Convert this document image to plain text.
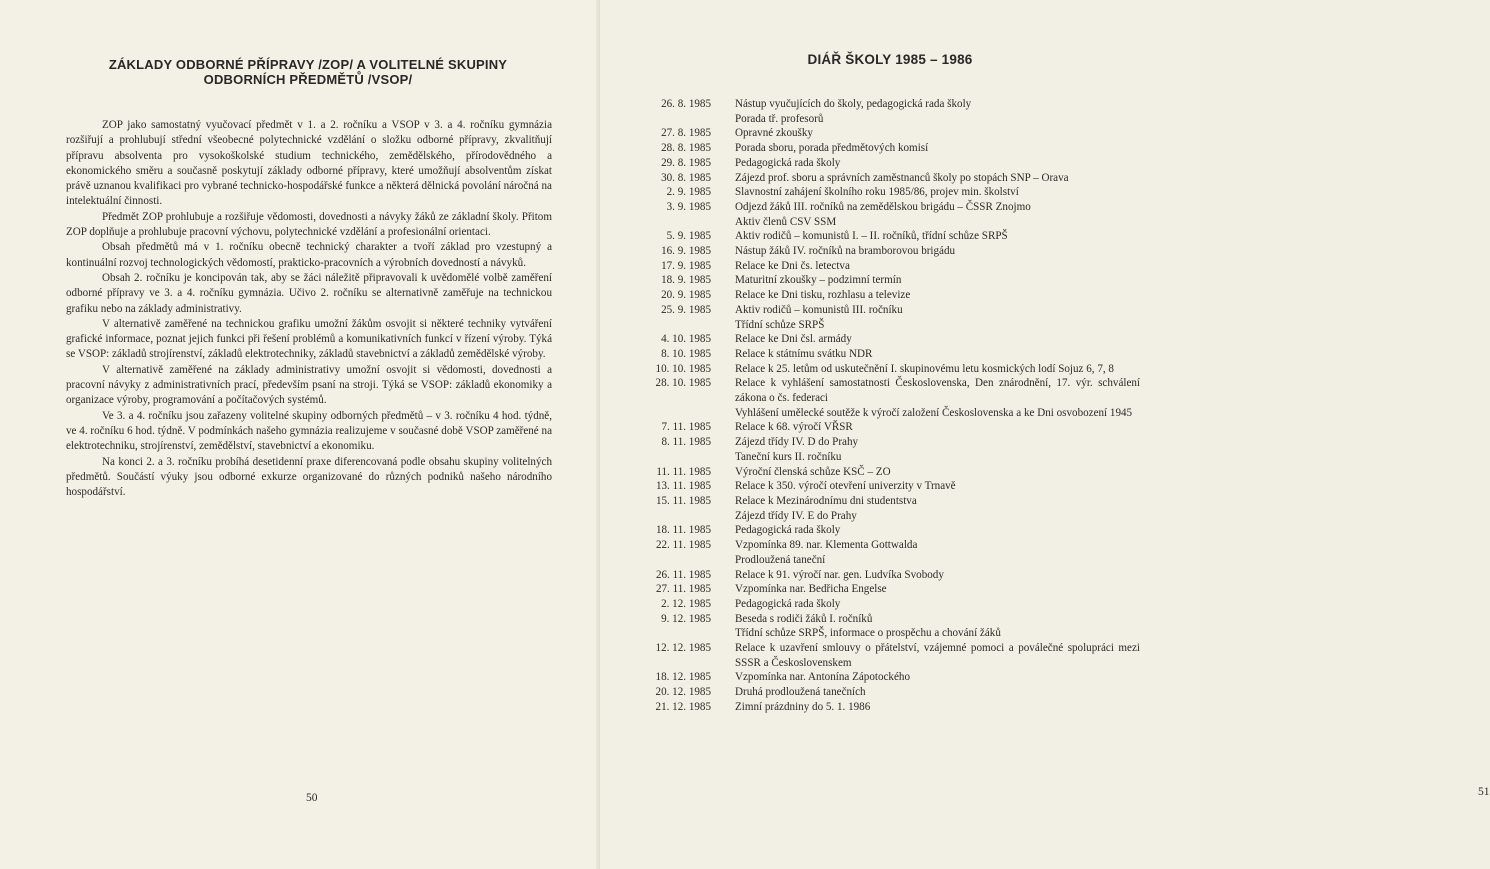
ZÁKLADY ODBORNÉ PŘÍPRAVY /ZOP/ A VOLITELNÉ SKUPINY
ODBORNÍCH PŘEDMĚTŮ /VSOP/

ZOP jako samostatný vyučovací předmět v 1. a 2. ročníku a VSOP v 3. a 4. ročníku gymnázia rozšiřují a prohlubují střední všeobecné polytechnické vzdělání o složku odborné přípravy, zkvalitňují přípravu absolventa pro vysokoškolské studium technického, zemědělského, přírodovědného a ekonomického směru a současně poskytují základy odborné přípravy, které umožňují absolventům získat právě uznanou kvalifikaci pro vybrané technicko-hospodářské funkce a některá dělnická povolání náročná na intelektuální činnosti.

Předmět ZOP prohlubuje a rozšiřuje vědomosti, dovednosti a návyky žáků ze základní školy. Přitom ZOP doplňuje a prohlubuje pracovní výchovu, polytechnické vzdělání a profesionální orientaci.

Obsah předmětů má v 1. ročníku obecně technický charakter a tvoří základ pro vzestupný a kontinuální rozvoj technologických vědomostí, prakticko-pracovních a výrobních dovedností a návyků.

Obsah 2. ročníku je koncipován tak, aby se žáci náležitě připravovali k uvědomělé volbě zaměření odborné přípravy ve 3. a 4. ročníku gymnázia. Učivo 2. ročníku se alternativně zaměřuje na technickou grafiku nebo na základy administrativy.

V alternativě zaměřené na technickou grafiku umožní žákům osvojit si některé techniky vytváření grafické informace, poznat jejich funkci při řešení problémů a komunikativních funkcí v řízení výroby. Týká se VSOP: základů strojírenství, základů elektrotechniky, základů stavebnictví a základů zemědělské výroby.

V alternativě zaměřené na základy administrativy umožní osvojit si vědomosti, dovednosti a pracovní návyky z administrativních prací, především psaní na stroji. Týká se VSOP: základů ekonomiky a organizace výroby, programování a počítačových systémů.

Ve 3. a 4. ročníku jsou zařazeny volitelné skupiny odborných předmětů – v 3. ročníku 4 hod. týdně, ve 4. ročníku 6 hod. týdně. V podmínkách našeho gymnázia realizujeme v současné době VSOP zaměřené na elektrotechniku, strojírenství, zemědělství, stavebnictví a ekonomiku.

Na konci 2. a 3. ročníku probíhá desetidenní praxe diferencovaná podle obsahu skupiny volitelných předmětů. Součástí výuky jsou odborné exkurze organizované do různých podniků našeho národního hospodářství.

50	51
DIÁŘ ŠKOLY 1985 – 1986
26. 8. 1985 Nástup vyučujících do školy, pedagogická rada školy
Porada tř. profesorů
27. 8. 1985 Opravné zkoušky
28. 8. 1985 Porada sboru, porada předmětových komisí
29. 8. 1985 Pedagogická rada školy
30. 8. 1985 Zájezd prof. sboru a správních zaměstnanců školy po stopách SNP – Orava
2. 9. 1985 Slavnostní zahájení školního roku 1985/86, projev min. školství
3. 9. 1985 Odjezd žáků III. ročníků na zemědělskou brigádu – ČSSR Znojmo
Aktiv členů CSV SSM
5. 9. 1985 Aktiv rodičů – komunistů I. – II. ročníků, třídní schůze SRPŠ
16. 9. 1985 Nástup žáků IV. ročníků na bramborovou brigádu
17. 9. 1985 Relace ke Dni čs. letectva
18. 9. 1985 Maturitní zkoušky – podzimní termín
20. 9. 1985 Relace ke Dni tisku, rozhlasu a televize
25. 9. 1985 Aktiv rodičů – komunistů III. ročníku
Třídní schůze SRPŠ
4. 10. 1985 Relace ke Dni čsl. armády
8. 10. 1985 Relace k státnímu svátku NDR
10. 10. 1985 Relace k 25. letům od uskutečnění I. skupinovému letu kosmických lodí Sojuz 6, 7, 8
28. 10. 1985 Relace k vyhlášení samostatnosti Československa, Den znárodnění, 17. výr. schválení zákona o čs. federaci
Vyhlášení umělecké soutěže k výročí založení Československa a ke Dni osvobození 1945
7. 11. 1985 Relace k 68. výročí VŘSR
8. 11. 1985 Zájezd třídy IV. D do Prahy
Taneční kurs II. ročníku
11. 11. 1985 Výroční členská schůze KSČ – ZO
13. 11. 1985 Relace k 350. výročí otevření univerzity v Trnavě
15. 11. 1985 Relace k Mezinárodnímu dni studentstva
Zájezd třídy IV. E do Prahy
18. 11. 1985 Pedagogická rada školy
22. 11. 1985 Vzpomínka 89. nar. Klementa Gottwalda
Prodloužená taneční
26. 11. 1985 Relace k 91. výročí nar. gen. Ludvíka Svobody
27. 11. 1985 Vzpomínka nar. Bedřicha Engelse
2. 12. 1985 Pedagogická rada školy
9. 12. 1985 Beseda s rodiči žáků I. ročníků
Třídní schůze SRPŠ, informace o prospěchu a chování žáků
12. 12. 1985 Relace k uzavření smlouvy o přátelství, vzájemné pomoci a poválečné spolupráci mezi SSSR a Československem
18. 12. 1985 Vzpomínka nar. Antonína Zápotockého
20. 12. 1985 Druhá prodloužená tanečních
21. 12. 1985 Zimní prázdniny do 5. 1. 1986
